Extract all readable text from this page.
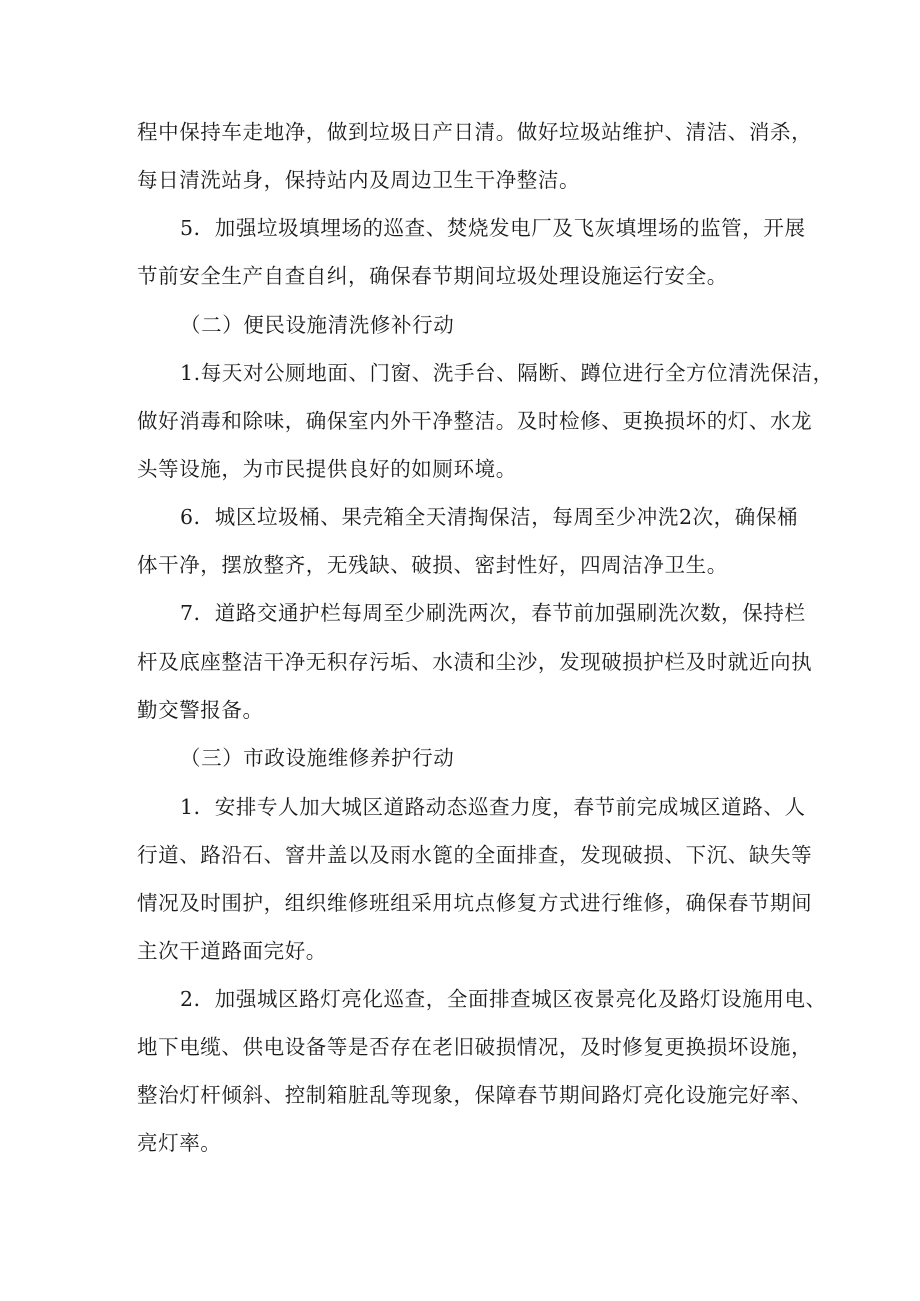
程中保持车走地净，做到垃圾日产日清。做好垃圾站维护、清洁、消杀，
每日清洗站身，保持站内及周边卫生干净整洁。
5．加强垃圾填埋场的巡查、焚烧发电厂及飞灰填埋场的监管，开展
节前安全生产自查自纠，确保春节期间垃圾处理设施运行安全。
（二）便民设施清洗修补行动
1.每天对公厕地面、门窗、洗手台、隔断、蹲位进行全方位清洗保洁，
做好消毒和除味，确保室内外干净整洁。及时检修、更换损坏的灯、水龙
头等设施，为市民提供良好的如厕环境。
6．城区垃圾桶、果壳箱全天清掏保洁，每周至少冲洗2次，确保桶
体干净，摆放整齐，无残缺、破损、密封性好，四周洁净卫生。
7．道路交通护栏每周至少刷洗两次，春节前加强刷洗次数，保持栏
杆及底座整洁干净无积存污垢、水渍和尘沙，发现破损护栏及时就近向执
勤交警报备。
（三）市政设施维修养护行动
1．安排专人加大城区道路动态巡查力度，春节前完成城区道路、人
行道、路沿石、窨井盖以及雨水篦的全面排查，发现破损、下沉、缺失等
情况及时围护，组织维修班组采用坑点修复方式进行维修，确保春节期间
主次干道路面完好。
2．加强城区路灯亮化巡查，全面排查城区夜景亮化及路灯设施用电、
地下电缆、供电设备等是否存在老旧破损情况，及时修复更换损坏设施，
整治灯杆倾斜、控制箱脏乱等现象，保障春节期间路灯亮化设施完好率、
亮灯率。
